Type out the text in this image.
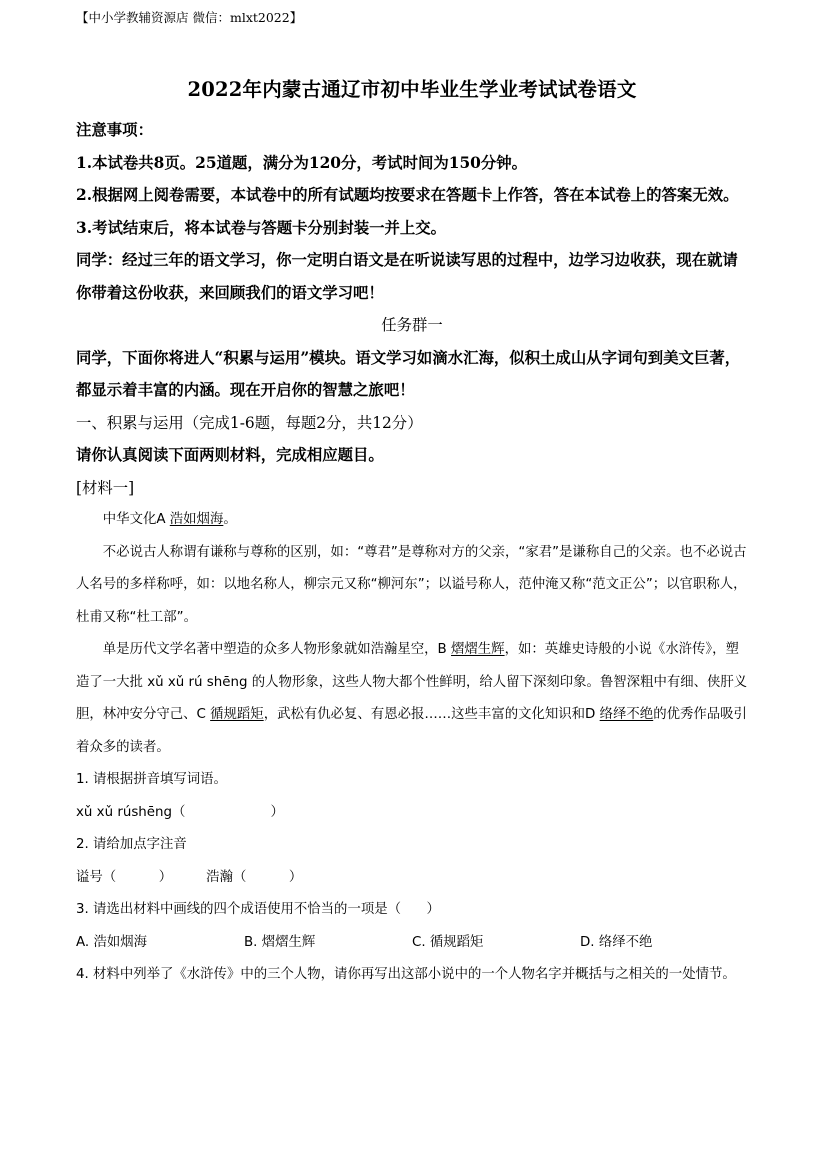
【中小学教辅资源店 微信：mlxt2022】
2022年内蒙古通辽市初中毕业生学业考试试卷语文

注意事项：

1.本试卷共8页。25道题，满分为120分，考试时间为150分钟。

2.根据网上阅卷需要，本试卷中的所有试题均按要求在答题卡上作答，答在本试卷上的答案无效。

3.考试结束后，将本试卷与答题卡分别封装一并上交。

同学：经过三年的语文学习，你一定明白语文是在听说读写思的过程中，边学习边收获，现在就请你带着这份收获，来回顾我们的语文学习吧！

任务群一

同学，下面你将进人“积累与运用”模块。语文学习如滴水汇海，似积土成山从字词句到美文巨著，都显示着丰富的内涵。现在开启你的智慧之旅吧！

一、积累与运用（完成1-6题，每题2分，共12分）

请你认真阅读下面两则材料，完成相应题目。

[材料一]

中华文化A 浩如烟海。

不必说古人称谓有谦称与尊称的区别，如：“尊君”是尊称对方的父亲，“家君”是谦称自己的父亲。也不必说古人名号的多样称呼，如：以地名称人，柳宗元又称“柳河东”；以谥号称人，范仲淹又称“范文正公”；以官职称人，杜甫又称“杜工部”。

单是历代文学名著中塑造的众多人物形象就如浩瀚星空，B 熠熠生辉，如：英雄史诗般的小说《水浒传》，塑造了一大批 xǔ xǔ rú shēng 的人物形象，这些人物大都个性鲜明，给人留下深刻印象。鲁智深粗中有细、侠肝义胆，林冲安分守己、C 循规蹈矩，武松有仇必复、有恩必报……这些丰富的文化知识和D 络绎不绝的优秀作品吸引着众多的读者。

1. 请根据拼音填写词语。

xǔ xǔ rúshēng（                    ）

2. 请给加点字注音

谥号（          ）        浩瀚（          ）

3. 请选出材料中画线的四个成语使用不恰当的一项是（      ）

A. 浩如烟海	B. 熠熠生辉	C. 循规蹈矩	D. 络绎不绝

4. 材料中列举了《水浒传》中的三个人物，请你再写出这部小说中的一个人物名字并概括与之相关的一处情节。
